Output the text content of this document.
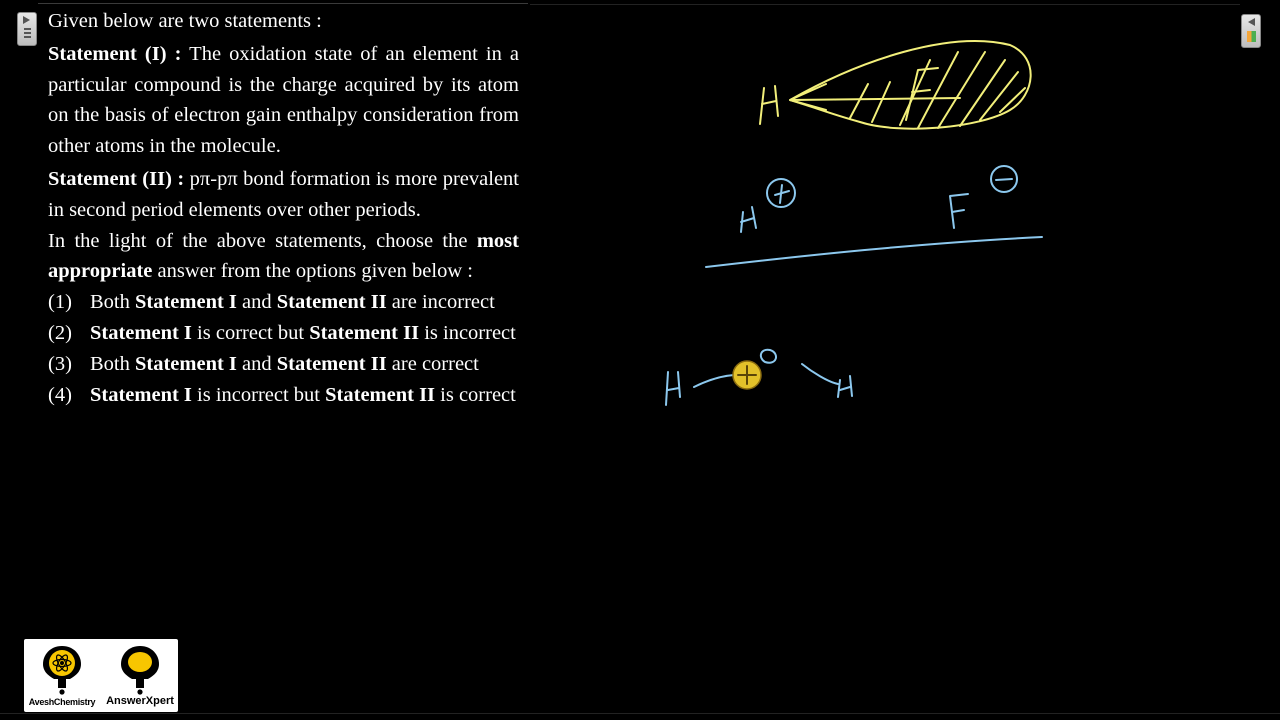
Given below are two statements :

Statement (I) : The oxidation state of an element in a particular compound is the charge acquired by its atom on the basis of electron gain enthalpy consideration from other atoms in the molecule.

Statement (II) : pπ-pπ bond formation is more prevalent in second period elements over other periods.

In the light of the above statements, choose the most appropriate answer from the options given below :

(1) Both Statement I and Statement II are incorrect
(2) Statement I is correct but Statement II is incorrect
(3) Both Statement I and Statement II are correct
(4) Statement I is incorrect but Statement II is correct
AveshChemistry AnswerXpert
